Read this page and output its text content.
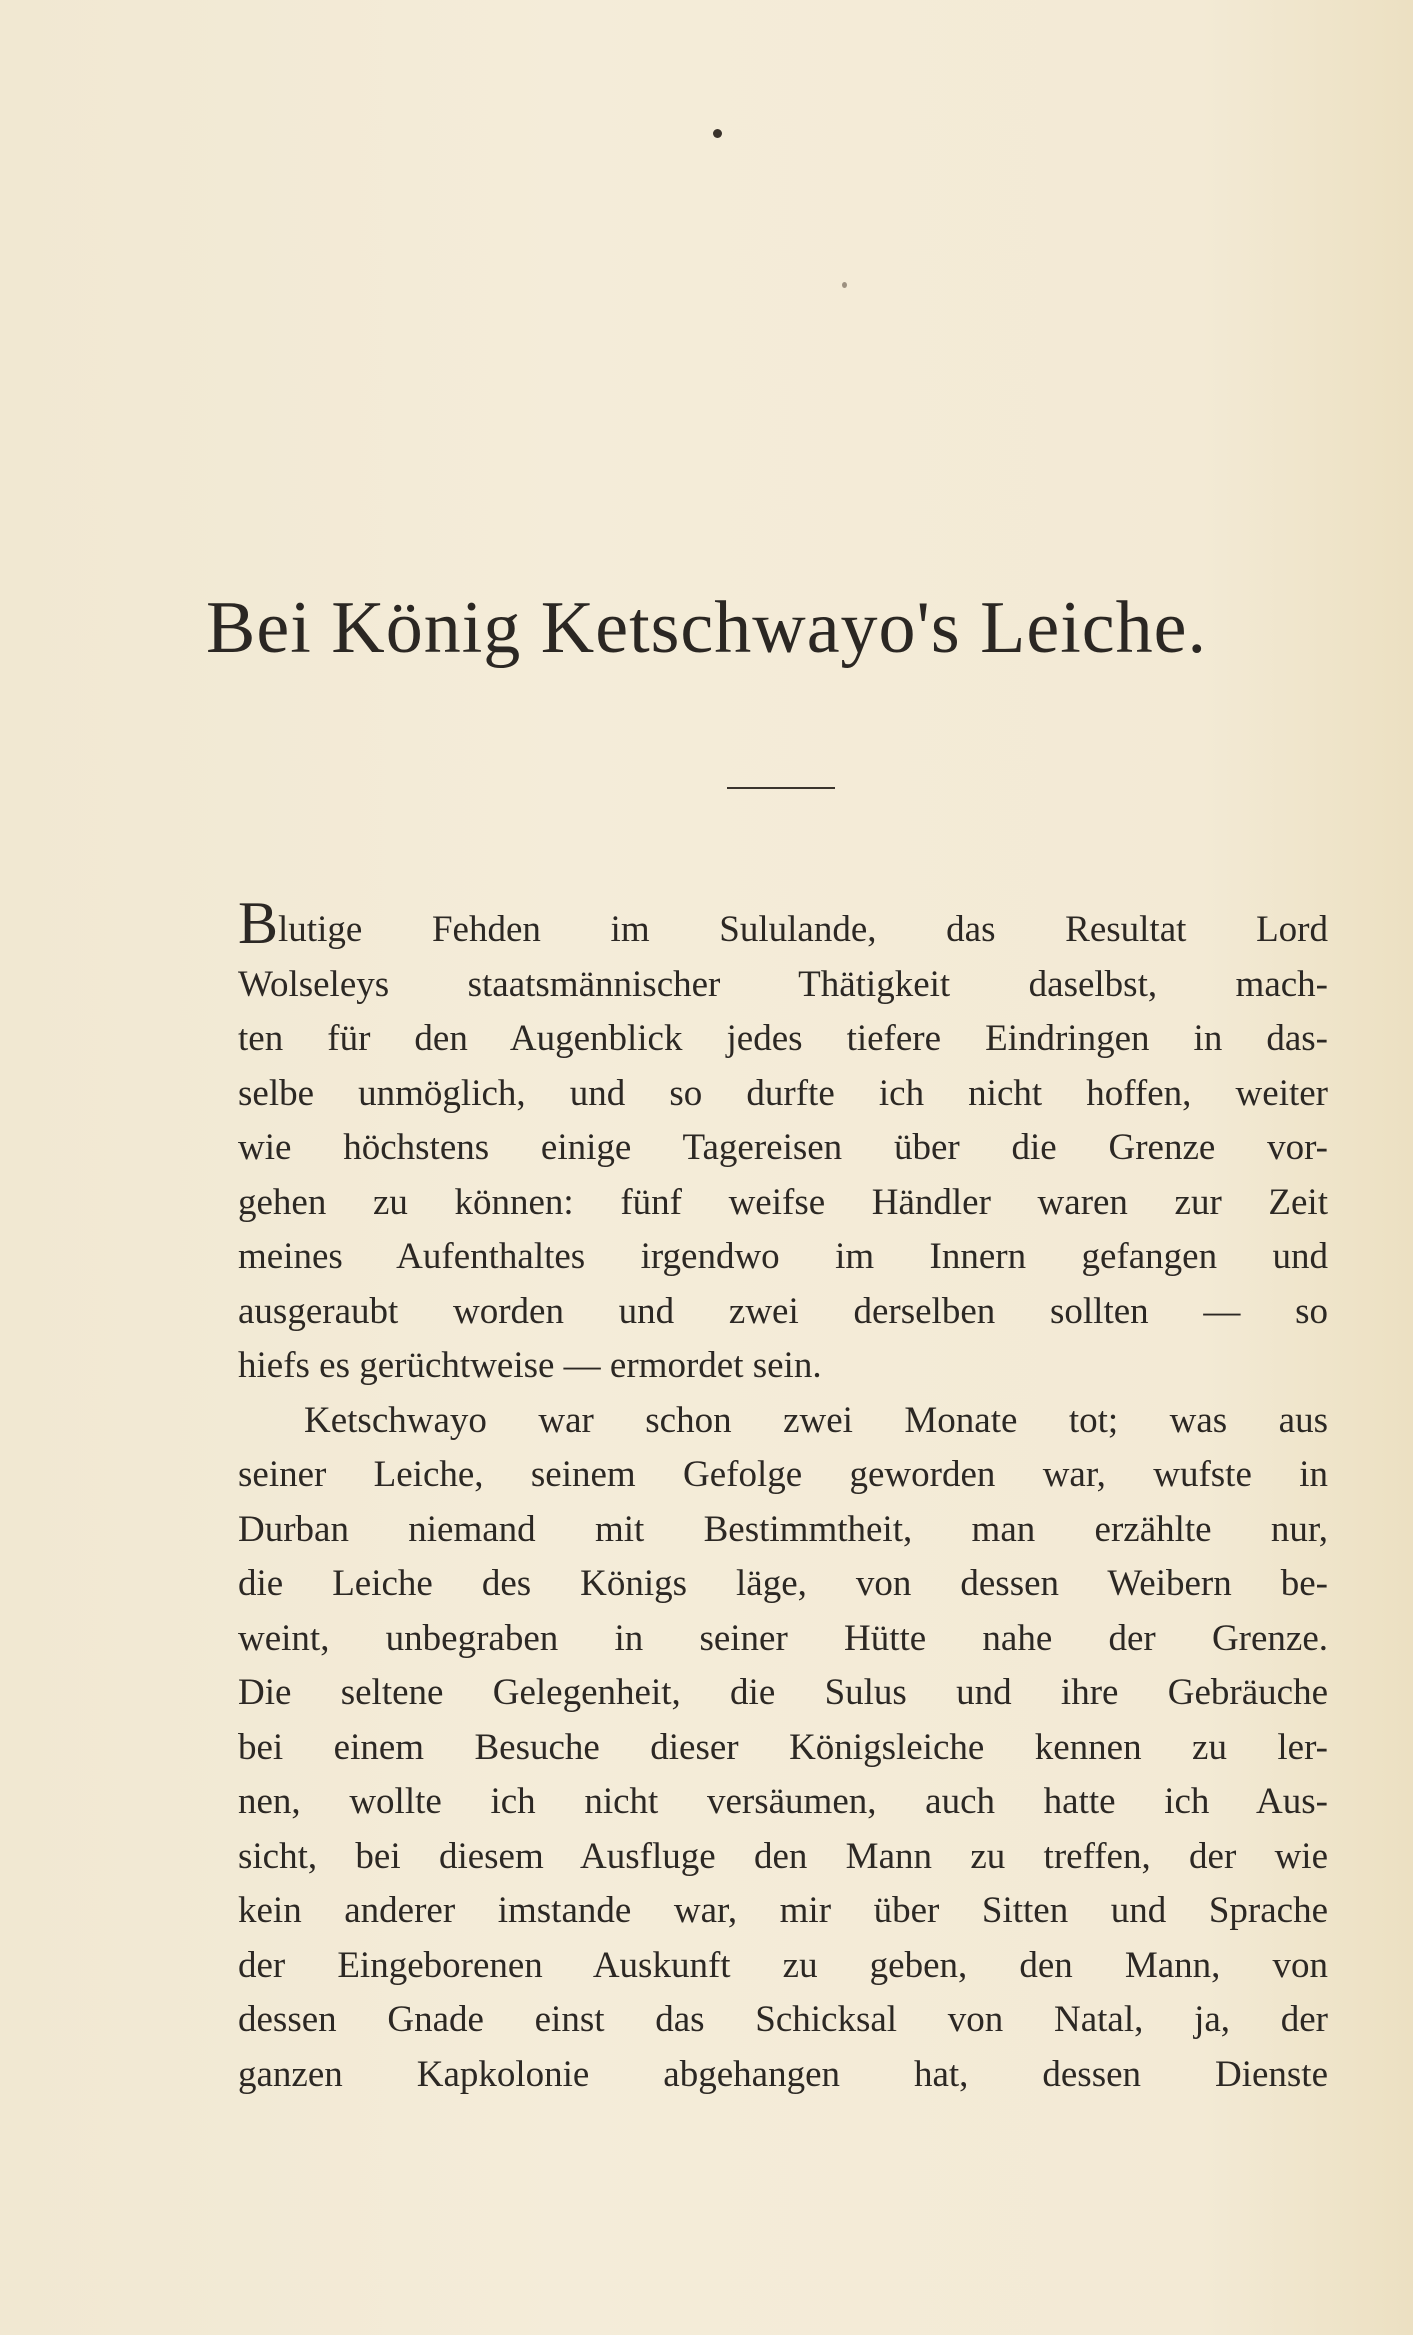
Bei König Ketschwayo's Leiche.
Blutige Fehden im Sululande, das Resultat Lord
Wolseleys staatsmännischer Thätigkeit daselbst, mach-
ten für den Augenblick jedes tiefere Eindringen in das-
selbe unmöglich, und so durfte ich nicht hoffen, weiter
wie höchstens einige Tagereisen über die Grenze vor-
gehen zu können: fünf weifse Händler waren zur Zeit
meines Aufenthaltes irgendwo im Innern gefangen und
ausgeraubt worden und zwei derselben sollten — so
hiefs es gerüchtweise — ermordet sein.
Ketschwayo war schon zwei Monate tot; was aus
seiner Leiche, seinem Gefolge geworden war, wufste in
Durban niemand mit Bestimmtheit, man erzählte nur,
die Leiche des Königs läge, von dessen Weibern be-
weint, unbegraben in seiner Hütte nahe der Grenze.
Die seltene Gelegenheit, die Sulus und ihre Gebräuche
bei einem Besuche dieser Königsleiche kennen zu ler-
nen, wollte ich nicht versäumen, auch hatte ich Aus-
sicht, bei diesem Ausfluge den Mann zu treffen, der wie
kein anderer imstande war, mir über Sitten und Sprache
der Eingeborenen Auskunft zu geben, den Mann, von
dessen Gnade einst das Schicksal von Natal, ja, der
ganzen Kapkolonie abgehangen hat, dessen Dienste
